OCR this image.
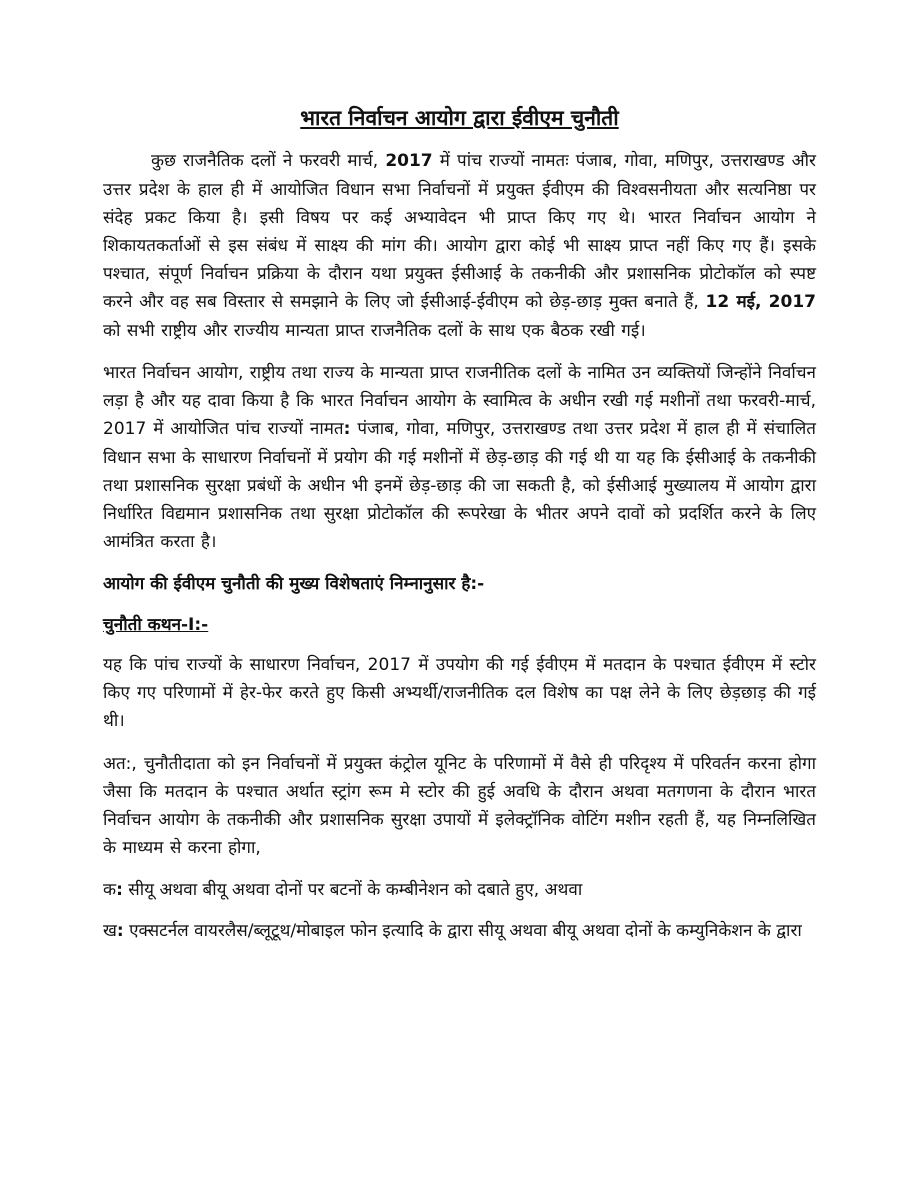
भारत निर्वाचन आयोग द्वारा ईवीएम चुनौती

कुछ राजनैतिक दलों ने फरवरी मार्च, 2017 में पांच राज्यों नामतः पंजाब, गोवा, मणिपुर, उत्तराखण्ड और उत्तर प्रदेश के हाल ही में आयोजित विधान सभा निर्वाचनों में प्रयुक्त ईवीएम की विश्वसनीयता और सत्यनिष्ठा पर संदेह प्रकट किया है। इसी विषय पर कई अभ्यावेदन भी प्राप्त किए गए थे। भारत निर्वाचन आयोग ने शिकायतकर्ताओं से इस संबंध में साक्ष्य की मांग की। आयोग द्वारा कोई भी साक्ष्य प्राप्त नहीं किए गए हैं। इसके पश्चात, संपूर्ण निर्वाचन प्रक्रिया के दौरान यथा प्रयुक्त ईसीआई के तकनीकी और प्रशासनिक प्रोटोकॉल को स्पष्ट करने और वह सब विस्तार से समझाने के लिए जो ईसीआई-ईवीएम को छेड़-छाड़ मुक्त बनाते हैं, 12 मई, 2017 को सभी राष्ट्रीय और राज्यीय मान्यता प्राप्त राजनैतिक दलों के साथ एक बैठक रखी गई।

भारत निर्वाचन आयोग, राष्ट्रीय तथा राज्य के मान्यता प्राप्त राजनीतिक दलों के नामित उन व्यक्तियों जिन्होंने निर्वाचन लड़ा है और यह दावा किया है कि भारत निर्वाचन आयोग के स्वामित्व के अधीन रखी गई मशीनों तथा फरवरी-मार्च, 2017 में आयोजित पांच राज्यों नामत: पंजाब, गोवा, मणिपुर, उत्तराखण्ड तथा उत्तर प्रदेश में हाल ही में संचालित विधान सभा के साधारण निर्वाचनों में प्रयोग की गई मशीनों में छेड़-छाड़ की गई थी या यह कि ईसीआई के तकनीकी तथा प्रशासनिक सुरक्षा प्रबंधों के अधीन भी इनमें छेड़-छाड़ की जा सकती है, को ईसीआई मुख्यालय में आयोग द्वारा निर्धारित विद्यमान प्रशासनिक तथा सुरक्षा प्रोटोकॉल की रूपरेखा के भीतर अपने दावों को प्रदर्शित करने के लिए आमंत्रित करता है।

आयोग की ईवीएम चुनौती की मुख्य विशेषताएं निम्नानुसार है:-

चुनौती कथन-I:-

यह कि पांच राज्यों के साधारण निर्वाचन, 2017 में उपयोग की गई ईवीएम में मतदान के पश्चात ईवीएम में स्टोर किए गए परिणामों में हेर-फेर करते हुए किसी अभ्यर्थी/राजनीतिक दल विशेष का पक्ष लेने के लिए छेड़छाड़ की गई थी।

अत:, चुनौतीदाता को इन निर्वाचनों में प्रयुक्त कंट्रोल यूनिट के परिणामों में वैसे ही परिदृश्य में परिवर्तन करना होगा जैसा कि मतदान के पश्चात अर्थात स्ट्रांग रूम मे स्टोर की हुई अवधि के दौरान अथवा मतगणना के दौरान भारत निर्वाचन आयोग के तकनीकी और प्रशासनिक सुरक्षा उपायों में इलेक्ट्रॉनिक वोटिंग मशीन रहती हैं, यह निम्नलिखित के माध्यम से करना होगा,

क: सीयू अथवा बीयू अथवा दोनों पर बटनों के कम्बीनेशन को दबाते हुए, अथवा

ख: एक्सटर्नल वायरलैस/ब्लूटूथ/मोबाइल फोन इत्यादि के द्वारा सीयू अथवा बीयू अथवा दोनों के कम्युनिकेशन के द्वारा
